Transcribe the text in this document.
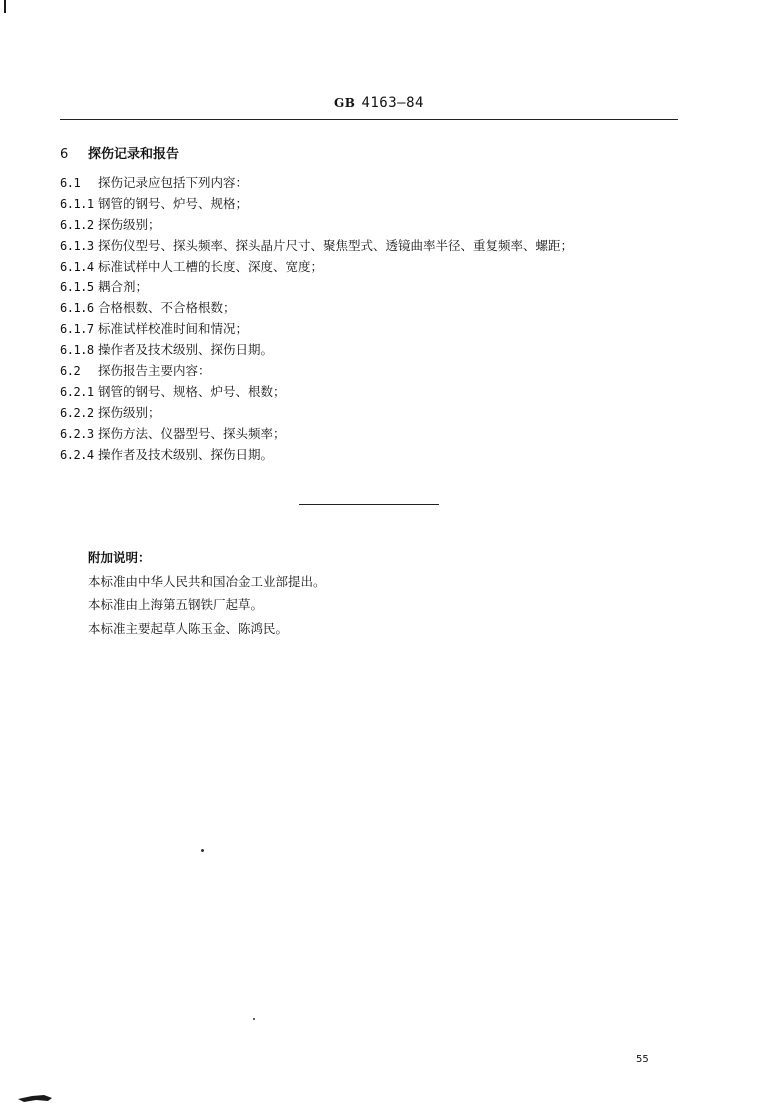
GB 4163—84
6 探伤记录和报告
6.1 探伤记录应包括下列内容：
6.1.1 钢管的钢号、炉号、规格；
6.1.2 探伤级别；
6.1.3 探伤仪型号、探头频率、探头晶片尺寸、聚焦型式、透镜曲率半径、重复频率、螺距；
6.1.4 标准试样中人工槽的长度、深度、宽度；
6.1.5 耦合剂；
6.1.6 合格根数、不合格根数；
6.1.7 标准试样校准时间和情况；
6.1.8 操作者及技术级别、探伤日期。
6.2 探伤报告主要内容：
6.2.1 钢管的钢号、规格、炉号、根数；
6.2.2 探伤级别；
6.2.3 探伤方法、仪器型号、探头频率；
6.2.4 操作者及技术级别、探伤日期。
附加说明：
本标准由中华人民共和国冶金工业部提出。
本标准由上海第五钢铁厂起草。
本标准主要起草人陈玉金、陈鸿民。
55
